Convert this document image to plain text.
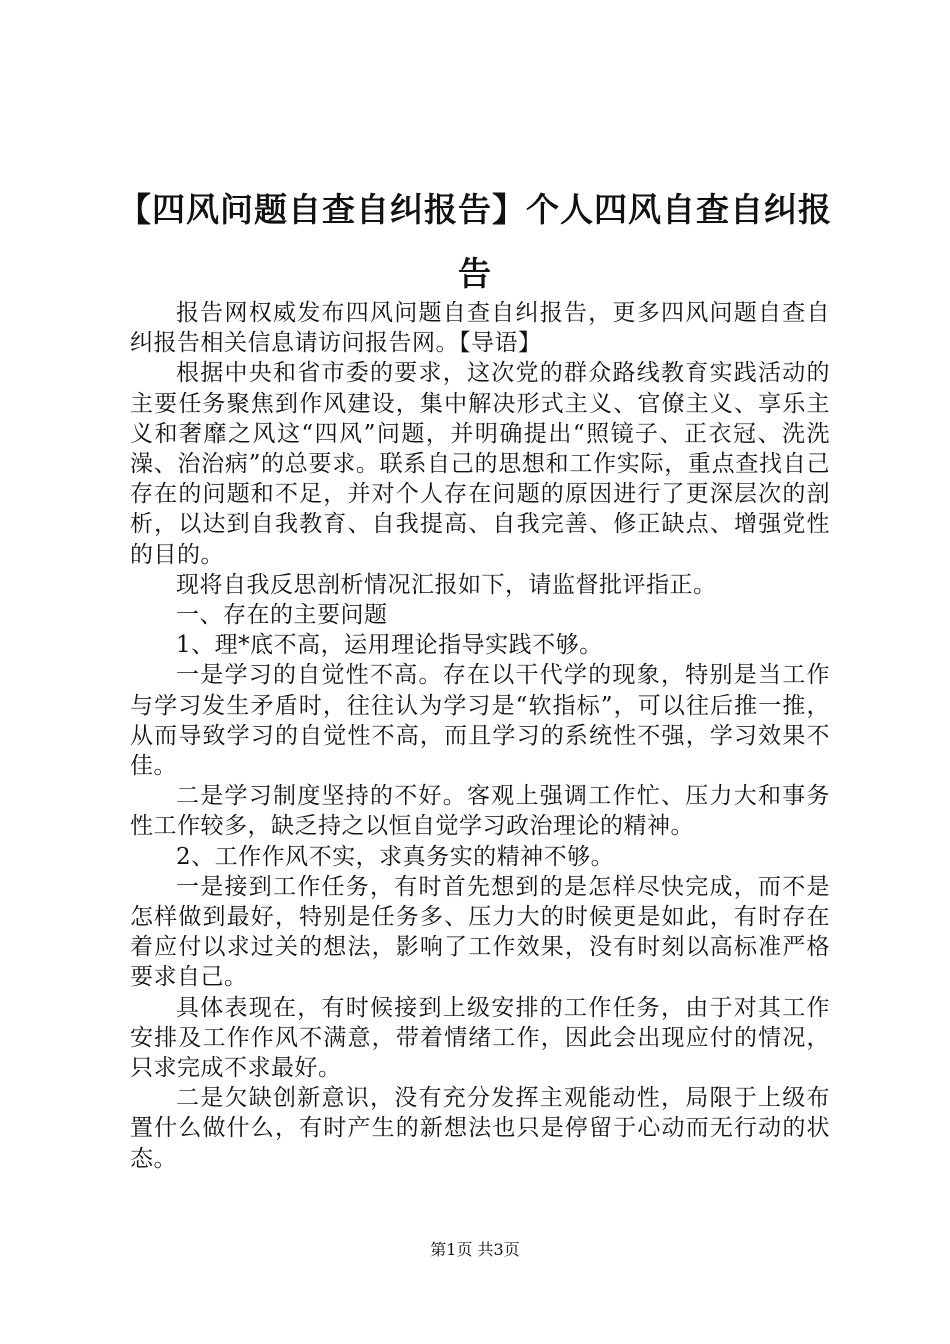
【四风问题自查自纠报告】个人四风自查自纠报告

报告网权威发布四风问题自查自纠报告，更多四风问题自查自纠报告相关信息请访问报告网。【导语】

根据中央和省市委的要求，这次党的群众路线教育实践活动的主要任务聚焦到作风建设，集中解决形式主义、官僚主义、享乐主义和奢靡之风这“四风”问题，并明确提出“照镜子、正衣冠、洗洗澡、治治病”的总要求。联系自己的思想和工作实际，重点查找自己存在的问题和不足，并对个人存在问题的原因进行了更深层次的剖析，以达到自我教育、自我提高、自我完善、修正缺点、增强党性的目的。

现将自我反思剖析情况汇报如下，请监督批评指正。

一、存在的主要问题

1、理*底不高，运用理论指导实践不够。

一是学习的自觉性不高。存在以干代学的现象，特别是当工作与学习发生矛盾时，往往认为学习是“软指标”，可以往后推一推，从而导致学习的自觉性不高，而且学习的系统性不强，学习效果不佳。

二是学习制度坚持的不好。客观上强调工作忙、压力大和事务性工作较多，缺乏持之以恒自觉学习政治理论的精神。

2、工作作风不实，求真务实的精神不够。

一是接到工作任务，有时首先想到的是怎样尽快完成，而不是怎样做到最好，特别是任务多、压力大的时候更是如此，有时存在着应付以求过关的想法，影响了工作效果，没有时刻以高标准严格要求自己。

具体表现在，有时候接到上级安排的工作任务，由于对其工作安排及工作作风不满意，带着情绪工作，因此会出现应付的情况，只求完成不求最好。

二是欠缺创新意识，没有充分发挥主观能动性，局限于上级布置什么做什么，有时产生的新想法也只是停留于心动而无行动的状态。

第1页 共3页
